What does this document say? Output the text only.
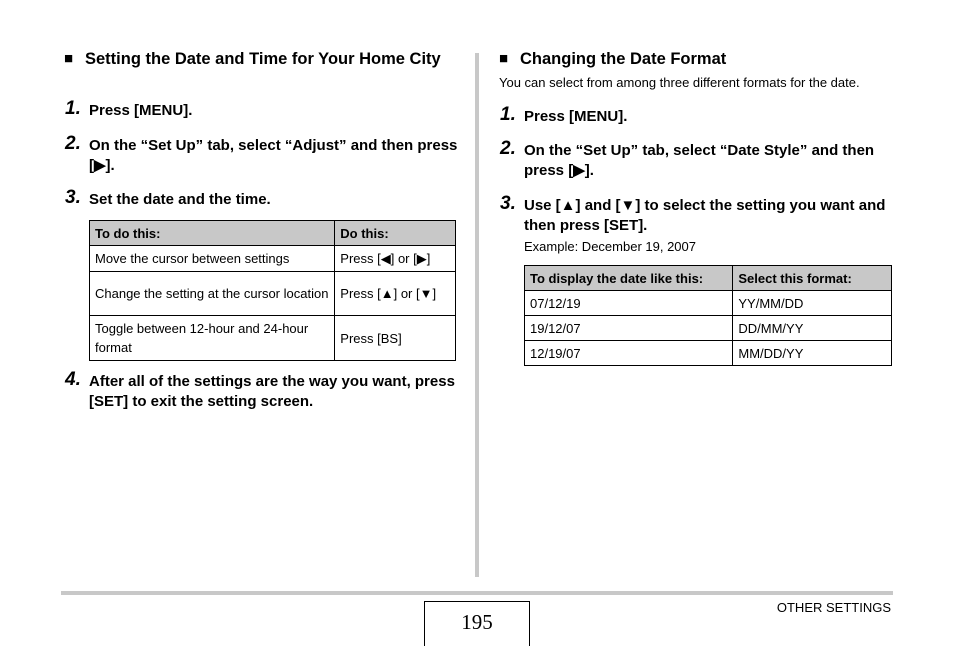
■ Setting the Date and Time for Your Home City
1. Press [MENU].
2. On the “Set Up” tab, select “Adjust” and then press [▶].
3. Set the date and the time.
To do this:	Do this:
Move the cursor between settings	Press [◀] or [▶]
Change the setting at the cursor location	Press [▲] or [▼]
Toggle between 12-hour and 24-hour format	Press [BS]
4. After all of the settings are the way you want, press [SET] to exit the setting screen.
■ Changing the Date Format
You can select from among three different formats for the date.
1. Press [MENU].
2. On the “Set Up” tab, select “Date Style” and then press [▶].
3. Use [▲] and [▼] to select the setting you want and then press [SET].
Example: December 19, 2007
To display the date like this:	Select this format:
07/12/19	YY/MM/DD
19/12/07	DD/MM/YY
12/19/07	MM/DD/YY
195
OTHER SETTINGS
